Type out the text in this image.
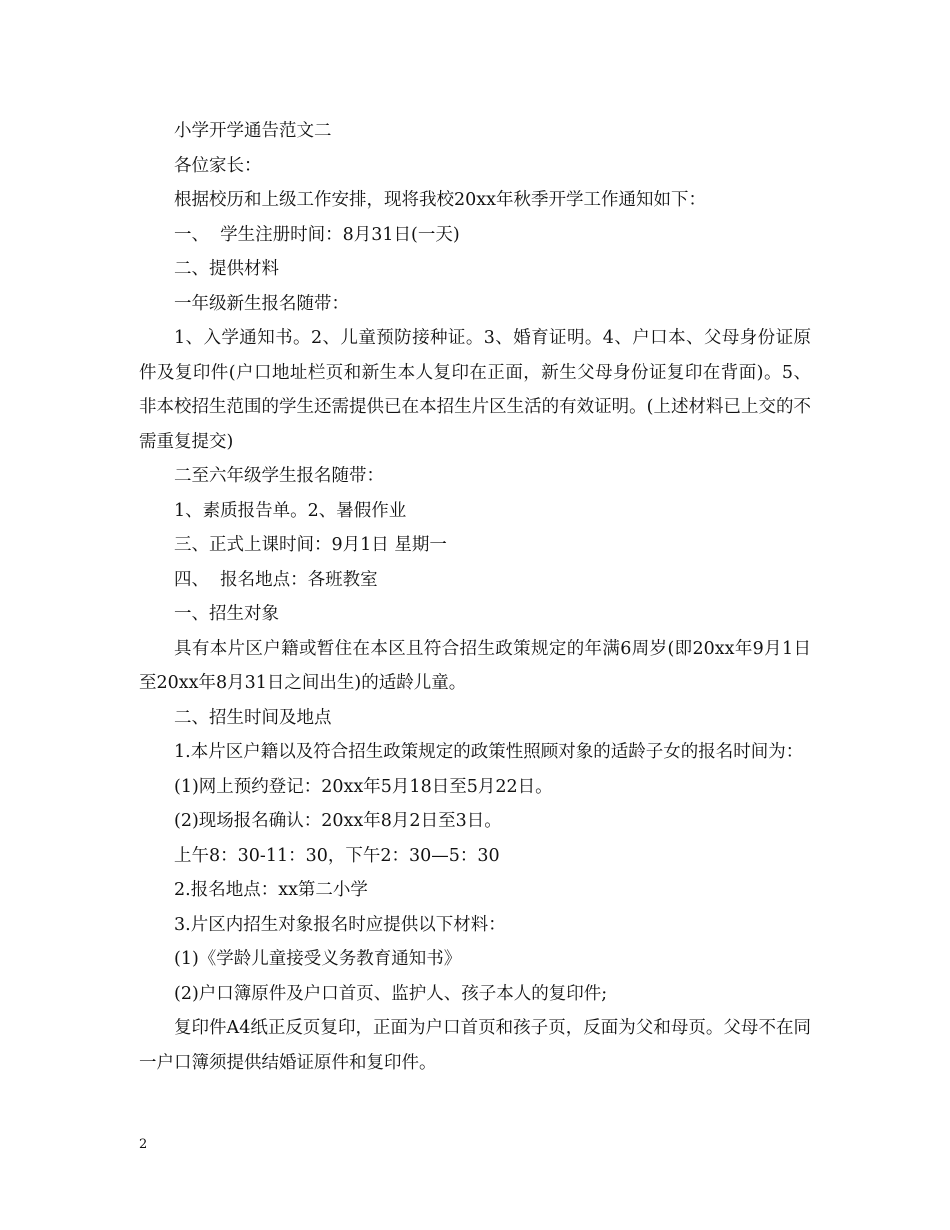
小学开学通告范文二

各位家长：

根据校历和上级工作安排，现将我校20xx年秋季开学工作通知如下：

一、  学生注册时间：8月31日(一天)

二、提供材料

一年级新生报名随带：

1、入学通知书。2、儿童预防接种证。3、婚育证明。4、户口本、父母身份证原件及复印件(户口地址栏页和新生本人复印在正面，新生父母身份证复印在背面)。5、非本校招生范围的学生还需提供已在本招生片区生活的有效证明。(上述材料已上交的不需重复提交)

二至六年级学生报名随带：

1、素质报告单。2、暑假作业

三、正式上课时间：9月1日 星期一

四、  报名地点：各班教室

一、招生对象

具有本片区户籍或暂住在本区且符合招生政策规定的年满6周岁(即20xx年9月1日至20xx年8月31日之间出生)的适龄儿童。

二、招生时间及地点

1.本片区户籍以及符合招生政策规定的政策性照顾对象的适龄子女的报名时间为：

(1)网上预约登记：20xx年5月18日至5月22日。

(2)现场报名确认：20xx年8月2日至3日。

上午8：30-11：30，下午2：30—5：30

2.报名地点：xx第二小学

3.片区内招生对象报名时应提供以下材料：

(1)《学龄儿童接受义务教育通知书》

(2)户口簿原件及户口首页、监护人、孩子本人的复印件;

复印件A4纸正反页复印，正面为户口首页和孩子页，反面为父和母页。父母不在同一户口簿须提供结婚证原件和复印件。

2
